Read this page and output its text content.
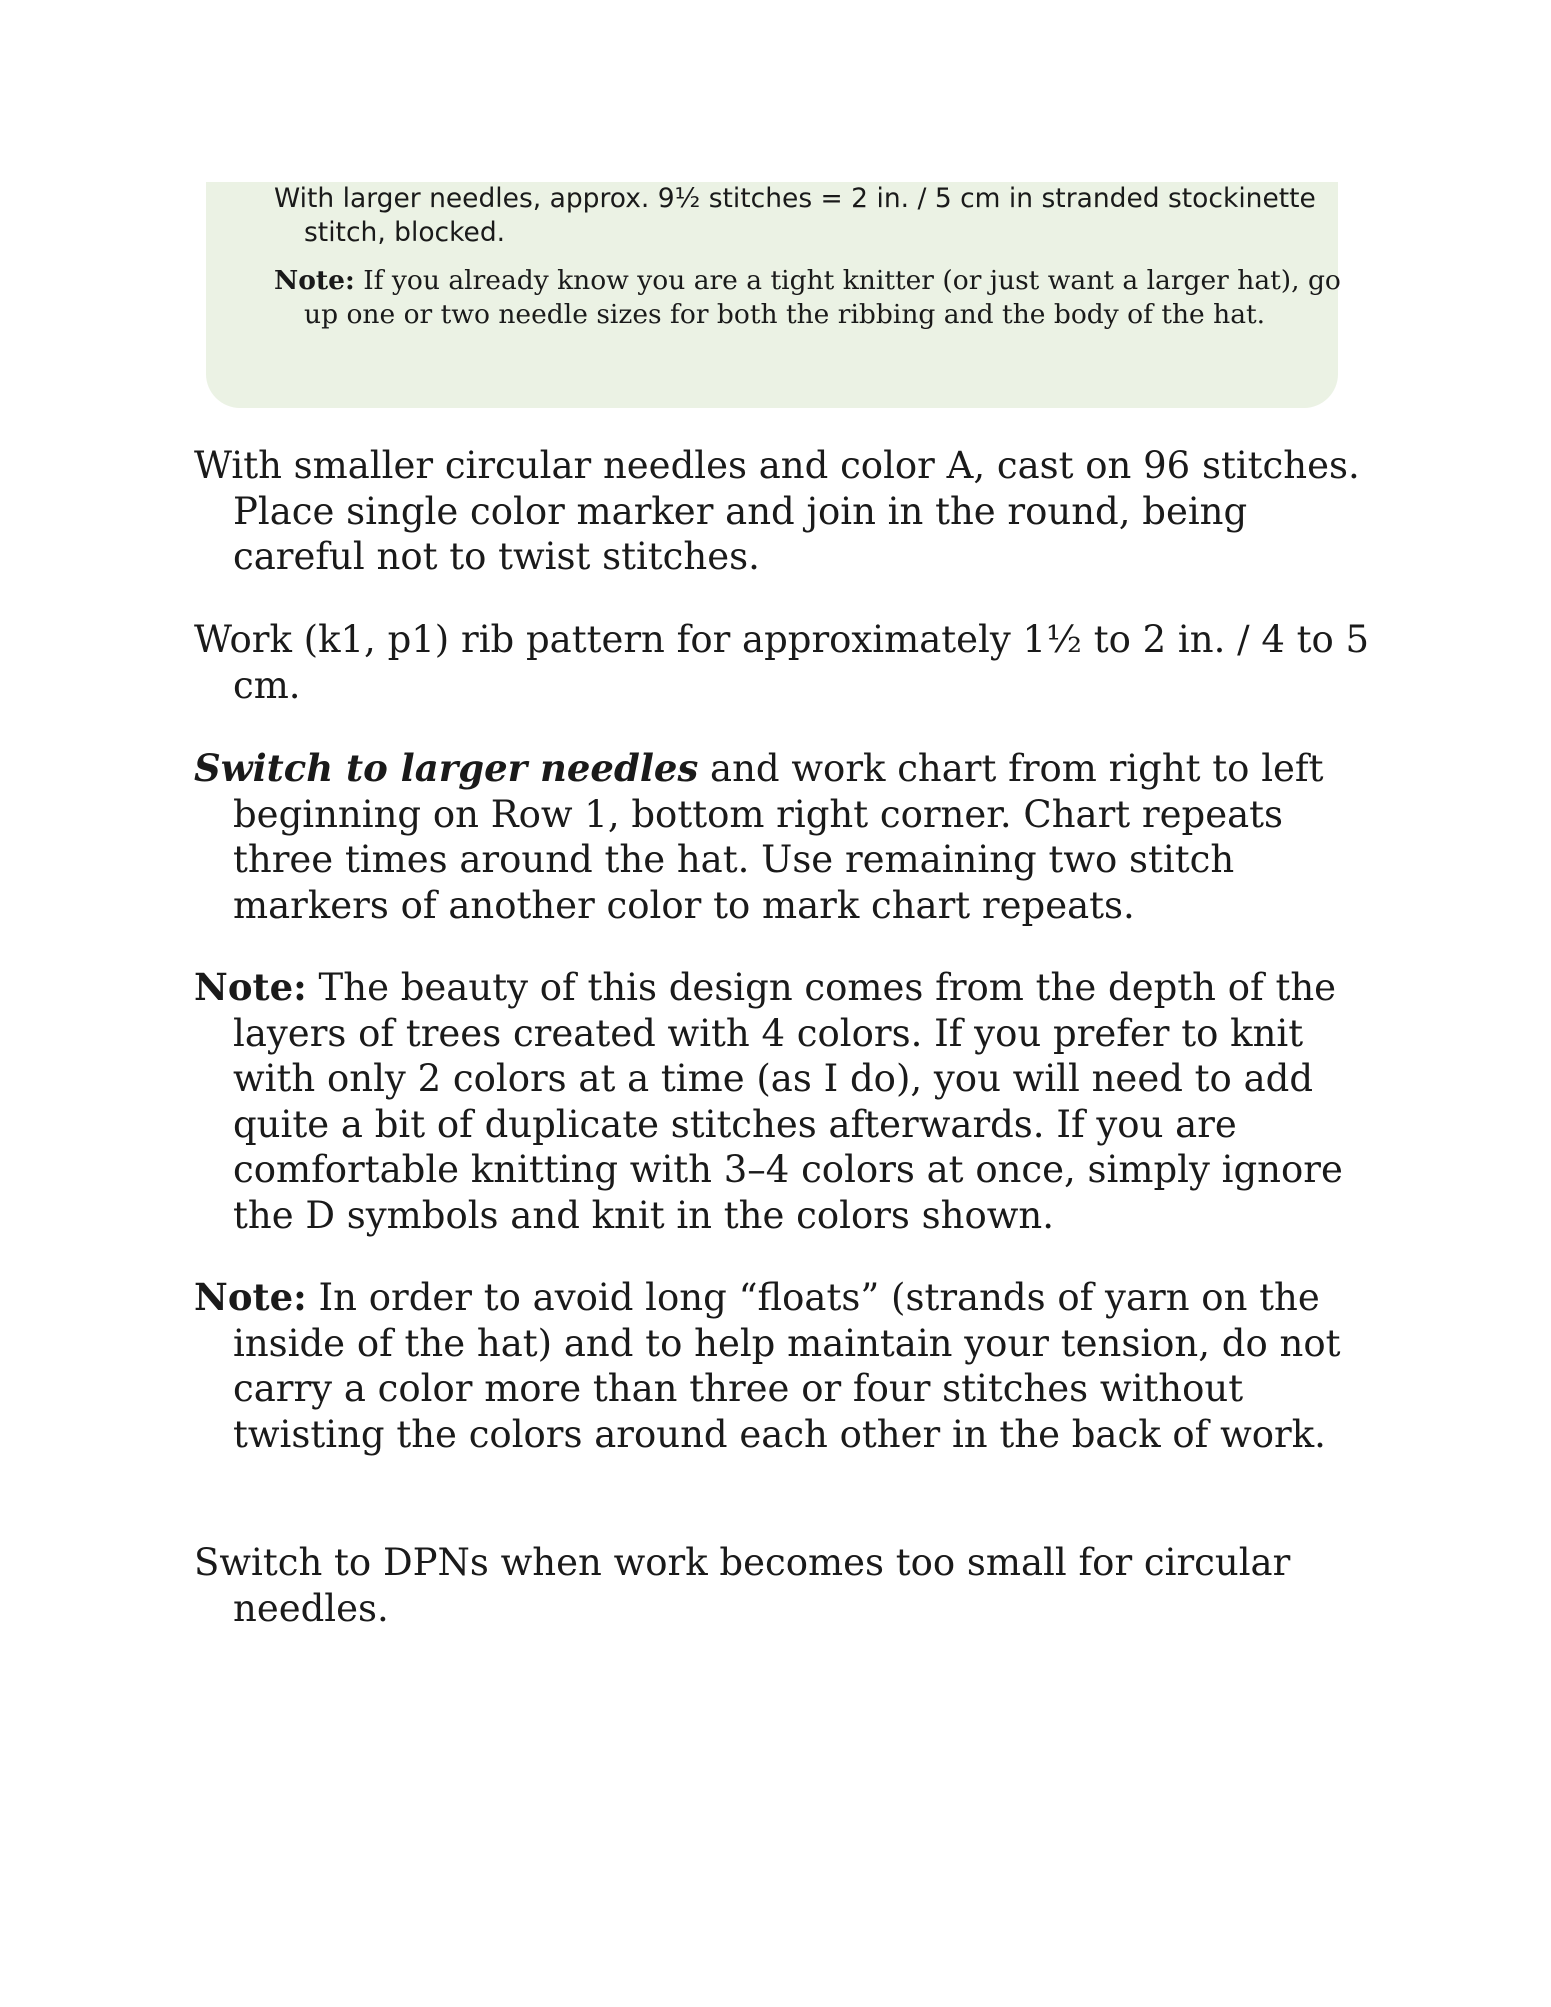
With larger needles, approx. 9½ stitches = 2 in. / 5 cm in stranded stockinette stitch, blocked.

Note: If you already know you are a tight knitter (or just want a larger hat), go up one or two needle sizes for both the ribbing and the body of the hat.

With smaller circular needles and color A, cast on 96 stitches. Place single color marker and join in the round, being careful not to twist stitches.

Work (k1, p1) rib pattern for approximately 1½ to 2 in. / 4 to 5 cm.

Switch to larger needles and work chart from right to left beginning on Row 1, bottom right corner. Chart repeats three times around the hat. Use remaining two stitch markers of another color to mark chart repeats.

Note: The beauty of this design comes from the depth of the layers of trees created with 4 colors. If you prefer to knit with only 2 colors at a time (as I do), you will need to add quite a bit of duplicate stitches afterwards. If you are comfortable knitting with 3–4 colors at once, simply ignore the D symbols and knit in the colors shown.

Note: In order to avoid long “floats” (strands of yarn on the inside of the hat) and to help maintain your tension, do not carry a color more than three or four stitches without twisting the colors around each other in the back of work.

Switch to DPNs when work becomes too small for circular needles.
